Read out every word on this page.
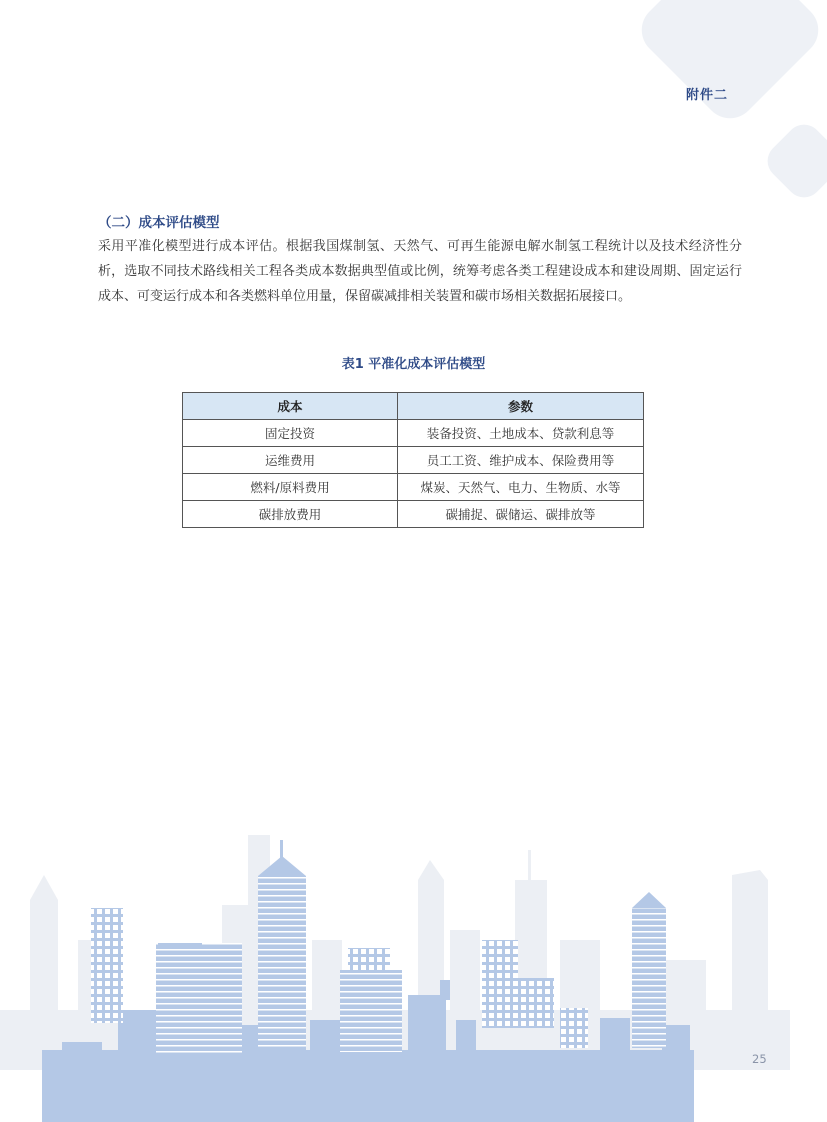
附件二
（二）成本评估模型
采用平准化模型进行成本评估。根据我国煤制氢、天然气、可再生能源电解水制氢工程统计以及技术经济性分析，选取不同技术路线相关工程各类成本数据典型值或比例，统筹考虑各类工程建设成本和建设周期、固定运行成本、可变运行成本和各类燃料单位用量，保留碳减排相关装置和碳市场相关数据拓展接口。
表1 平准化成本评估模型
成本	参数
固定投资	装备投资、土地成本、贷款利息等
运维费用	员工工资、维护成本、保险费用等
燃料/原料费用	煤炭、天然气、电力、生物质、水等
碳排放费用	碳捕捉、碳储运、碳排放等
25
